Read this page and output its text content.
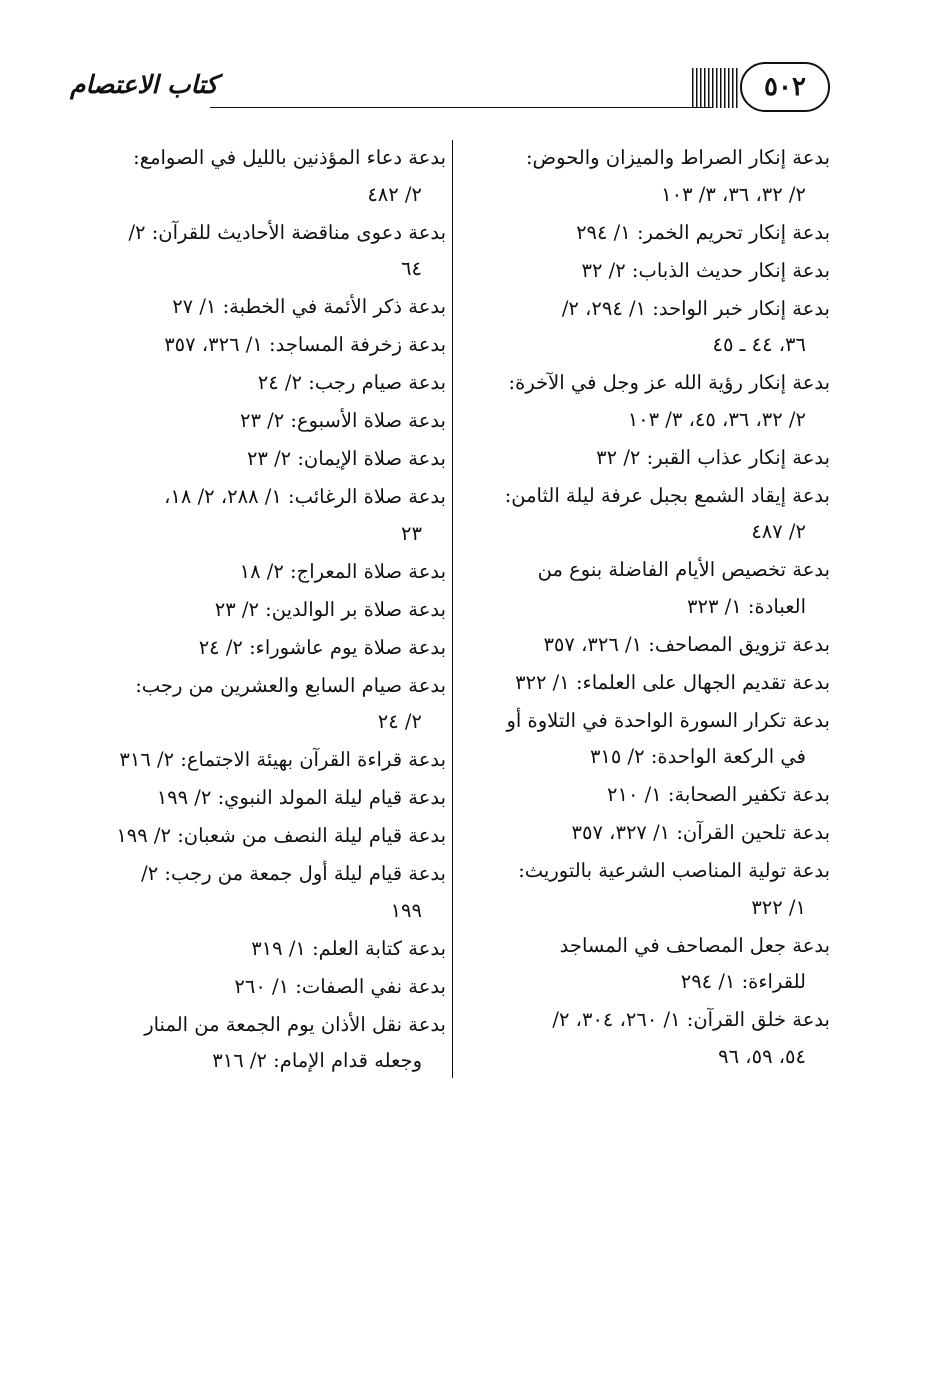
كتاب الاعتصام	٥٠٢
بدعة إنكار الصراط والميزان والحوض:
٢/ ٣٢، ٣٦، ٣/ ١٠٣
بدعة إنكار تحريم الخمر: ١/ ٢٩٤
بدعة إنكار حديث الذباب: ٢/ ٣٢
بدعة إنكار خبر الواحد: ١/ ٢٩٤، ٢/
٣٦، ٤٤ ـ ٤٥
بدعة إنكار رؤية الله عز وجل في الآخرة:
٢/ ٣٢، ٣٦، ٤٥، ٣/ ١٠٣
بدعة إنكار عذاب القبر: ٢/ ٣٢
بدعة إيقاد الشمع بجبل عرفة ليلة الثامن:
٢/ ٤٨٧
بدعة تخصيص الأيام الفاضلة بنوع من
العبادة: ١/ ٣٢٣
بدعة تزويق المصاحف: ١/ ٣٢٦، ٣٥٧
بدعة تقديم الجهال على العلماء: ١/ ٣٢٢
بدعة تكرار السورة الواحدة في التلاوة أو
في الركعة الواحدة: ٢/ ٣١٥
بدعة تكفير الصحابة: ١/ ٢١٠
بدعة تلحين القرآن: ١/ ٣٢٧، ٣٥٧
بدعة تولية المناصب الشرعية بالتوريث:
١/ ٣٢٢
بدعة جعل المصاحف في المساجد
للقراءة: ١/ ٢٩٤
بدعة خلق القرآن: ١/ ٢٦٠، ٣٠٤، ٢/
٥٤، ٥٩، ٩٦
بدعة دعاء المؤذنين بالليل في الصوامع:
٢/ ٤٨٢
بدعة دعوى مناقضة الأحاديث للقرآن: ٢/
٦٤
بدعة ذكر الأئمة في الخطبة: ١/ ٢٧
بدعة زخرفة المساجد: ١/ ٣٢٦، ٣٥٧
بدعة صيام رجب: ٢/ ٢٤
بدعة صلاة الأسبوع: ٢/ ٢٣
بدعة صلاة الإيمان: ٢/ ٢٣
بدعة صلاة الرغائب: ١/ ٢٨٨، ٢/ ١٨،
٢٣
بدعة صلاة المعراج: ٢/ ١٨
بدعة صلاة بر الوالدين: ٢/ ٢٣
بدعة صلاة يوم عاشوراء: ٢/ ٢٤
بدعة صيام السابع والعشرين من رجب:
٢/ ٢٤
بدعة قراءة القرآن بهيئة الاجتماع: ٢/ ٣١٦
بدعة قيام ليلة المولد النبوي: ٢/ ١٩٩
بدعة قيام ليلة النصف من شعبان: ٢/ ١٩٩
بدعة قيام ليلة أول جمعة من رجب: ٢/
١٩٩
بدعة كتابة العلم: ١/ ٣١٩
بدعة نفي الصفات: ١/ ٢٦٠
بدعة نقل الأذان يوم الجمعة من المنار
وجعله قدام الإمام: ٢/ ٣١٦
